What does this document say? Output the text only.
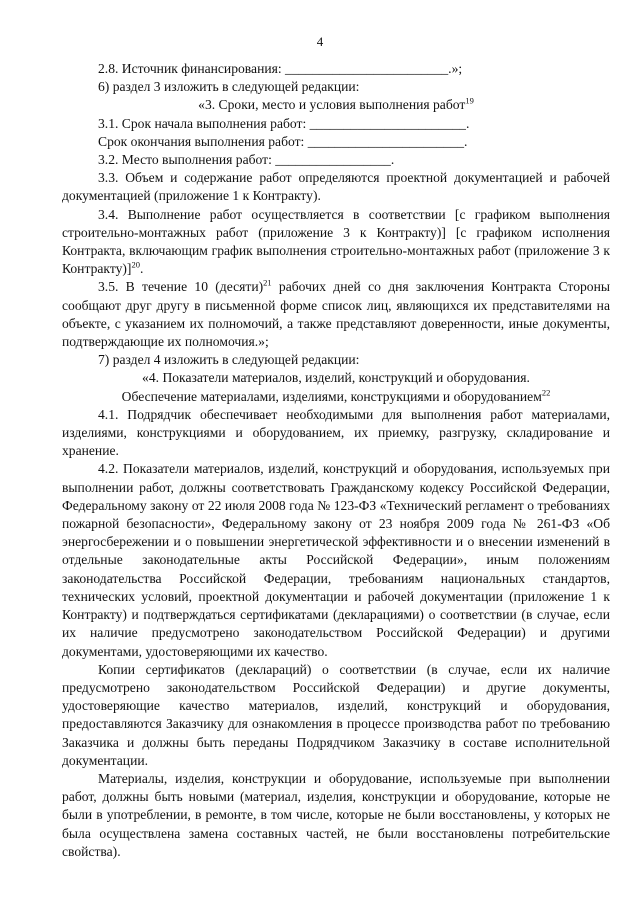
4

2.8. Источник финансирования: ________________________.»;

6) раздел 3 изложить в следующей редакции:

«3. Сроки, место и условия выполнения работ$^{19}$

3.1. Срок начала выполнения работ: _______________________.

Срок окончания выполнения работ: _______________________.

3.2. Место выполнения работ: _________________.

3.3. Объем и содержание работ определяются проектной документацией и рабочей документацией (приложение 1 к Контракту).

3.4. Выполнение работ осуществляется в соответствии [с графиком выполнения строительно-монтажных работ (приложение 3 к Контракту)] [с графиком исполнения Контракта, включающим график выполнения строительно-монтажных работ (приложение 3 к Контракту)]$^{20}$.

3.5. В течение 10 (десяти)$^{21}$ рабочих дней со дня заключения Контракта Стороны сообщают друг другу в письменной форме список лиц, являющихся их представителями на объекте, с указанием их полномочий, а также представляют доверенности, иные документы, подтверждающие их полномочия.»;

7) раздел 4 изложить в следующей редакции:

«4. Показатели материалов, изделий, конструкций и оборудования.

Обеспечение материалами, изделиями, конструкциями и оборудованием$^{22}$

4.1. Подрядчик обеспечивает необходимыми для выполнения работ материалами, изделиями, конструкциями и оборудованием, их приемку, разгрузку, складирование и хранение.

4.2. Показатели материалов, изделий, конструкций и оборудования, используемых при выполнении работ, должны соответствовать Гражданскому кодексу Российской Федерации, Федеральному закону от 22 июля 2008 года № 123-ФЗ «Технический регламент о требованиях пожарной безопасности», Федеральному закону от 23 ноября 2009 года № 261-ФЗ «Об энергосбережении и о повышении энергетической эффективности и о внесении изменений в отдельные законодательные акты Российской Федерации», иным положениям законодательства Российской Федерации, требованиям национальных стандартов, технических условий, проектной документации и рабочей документации (приложение 1 к Контракту) и подтверждаться сертификатами (декларациями) о соответствии (в случае, если их наличие предусмотрено законодательством Российской Федерации) и другими документами, удостоверяющими их качество.

Копии сертификатов (деклараций) о соответствии (в случае, если их наличие предусмотрено законодательством Российской Федерации) и другие документы, удостоверяющие качество материалов, изделий, конструкций и оборудования, предоставляются Заказчику для ознакомления в процессе производства работ по требованию Заказчика и должны быть переданы Подрядчиком Заказчику в составе исполнительной документации.

Материалы, изделия, конструкции и оборудование, используемые при выполнении работ, должны быть новыми (материал, изделия, конструкции и оборудование, которые не были в употреблении, в ремонте, в том числе, которые не были восстановлены, у которых не была осуществлена замена составных частей, не были восстановлены потребительские свойства).
